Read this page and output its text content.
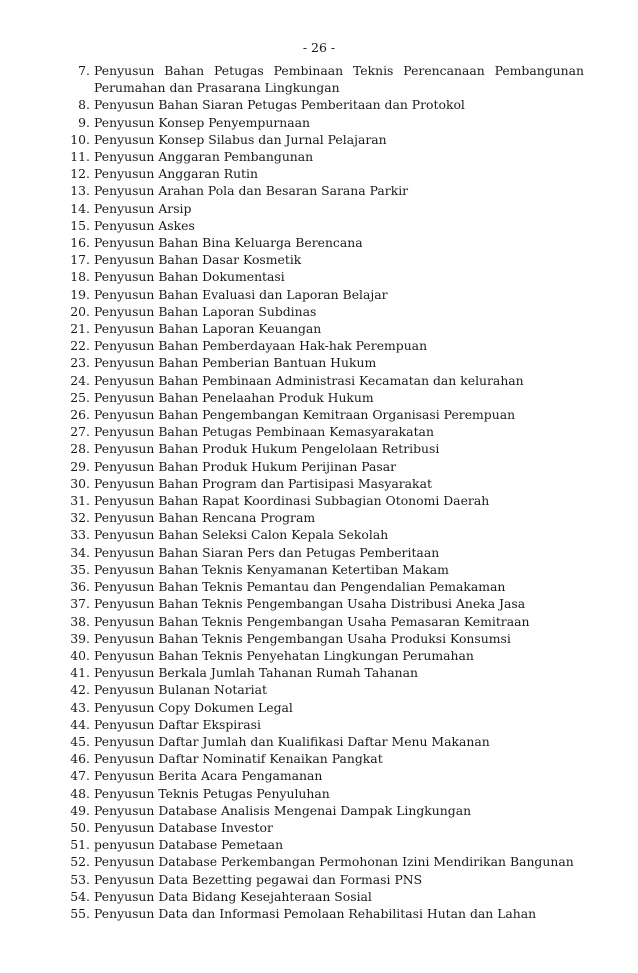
- 26 -
7. Penyusun Bahan Petugas Pembinaan Teknis Perencanaan Pembangunan Perumahan dan Prasarana Lingkungan
8. Penyusun Bahan Siaran Petugas Pemberitaan dan Protokol
9. Penyusun Konsep Penyempurnaan
10. Penyusun Konsep Silabus dan Jurnal Pelajaran
11. Penyusun Anggaran Pembangunan
12. Penyusun Anggaran Rutin
13. Penyusun Arahan Pola dan Besaran Sarana Parkir
14. Penyusun Arsip
15. Penyusun Askes
16. Penyusun Bahan Bina Keluarga Berencana
17. Penyusun Bahan Dasar Kosmetik
18. Penyusun Bahan Dokumentasi
19. Penyusun Bahan Evaluasi dan Laporan Belajar
20. Penyusun Bahan Laporan Subdinas
21. Penyusun Bahan Laporan Keuangan
22. Penyusun Bahan Pemberdayaan Hak-hak Perempuan
23. Penyusun Bahan Pemberian Bantuan Hukum
24. Penyusun Bahan Pembinaan Administrasi Kecamatan dan kelurahan
25. Penyusun Bahan Penelaahan Produk Hukum
26. Penyusun Bahan Pengembangan Kemitraan Organisasi Perempuan
27. Penyusun Bahan Petugas Pembinaan Kemasyarakatan
28. Penyusun Bahan Produk Hukum Pengelolaan Retribusi
29. Penyusun Bahan Produk Hukum Perijinan Pasar
30. Penyusun Bahan Program dan Partisipasi Masyarakat
31. Penyusun Bahan Rapat Koordinasi Subbagian Otonomi Daerah
32. Penyusun Bahan Rencana Program
33. Penyusun Bahan Seleksi Calon Kepala Sekolah
34. Penyusun Bahan Siaran Pers dan Petugas Pemberitaan
35. Penyusun Bahan Teknis Kenyamanan Ketertiban Makam
36. Penyusun Bahan Teknis Pemantau dan Pengendalian Pemakaman
37. Penyusun Bahan Teknis Pengembangan Usaha Distribusi Aneka Jasa
38. Penyusun Bahan Teknis Pengembangan Usaha Pemasaran Kemitraan
39. Penyusun Bahan Teknis Pengembangan Usaha Produksi Konsumsi
40. Penyusun Bahan Teknis Penyehatan Lingkungan Perumahan
41. Penyusun Berkala Jumlah Tahanan Rumah Tahanan
42. Penyusun Bulanan Notariat
43. Penyusun Copy Dokumen Legal
44. Penyusun Daftar Ekspirasi
45. Penyusun Daftar Jumlah dan Kualifikasi Daftar Menu Makanan
46. Penyusun Daftar Nominatif Kenaikan Pangkat
47. Penyusun Berita Acara Pengamanan
48. Penyusun Teknis Petugas Penyuluhan
49. Penyusun Database Analisis Mengenai Dampak Lingkungan
50. Penyusun Database Investor
51. penyusun Database Pemetaan
52. Penyusun Database Perkembangan Permohonan Izini Mendirikan Bangunan
53. Penyusun Data Bezetting pegawai dan Formasi PNS
54. Penyusun Data Bidang Kesejahteraan Sosial
55. Penyusun Data dan Informasi Pemolaan Rehabilitasi Hutan dan Lahan
